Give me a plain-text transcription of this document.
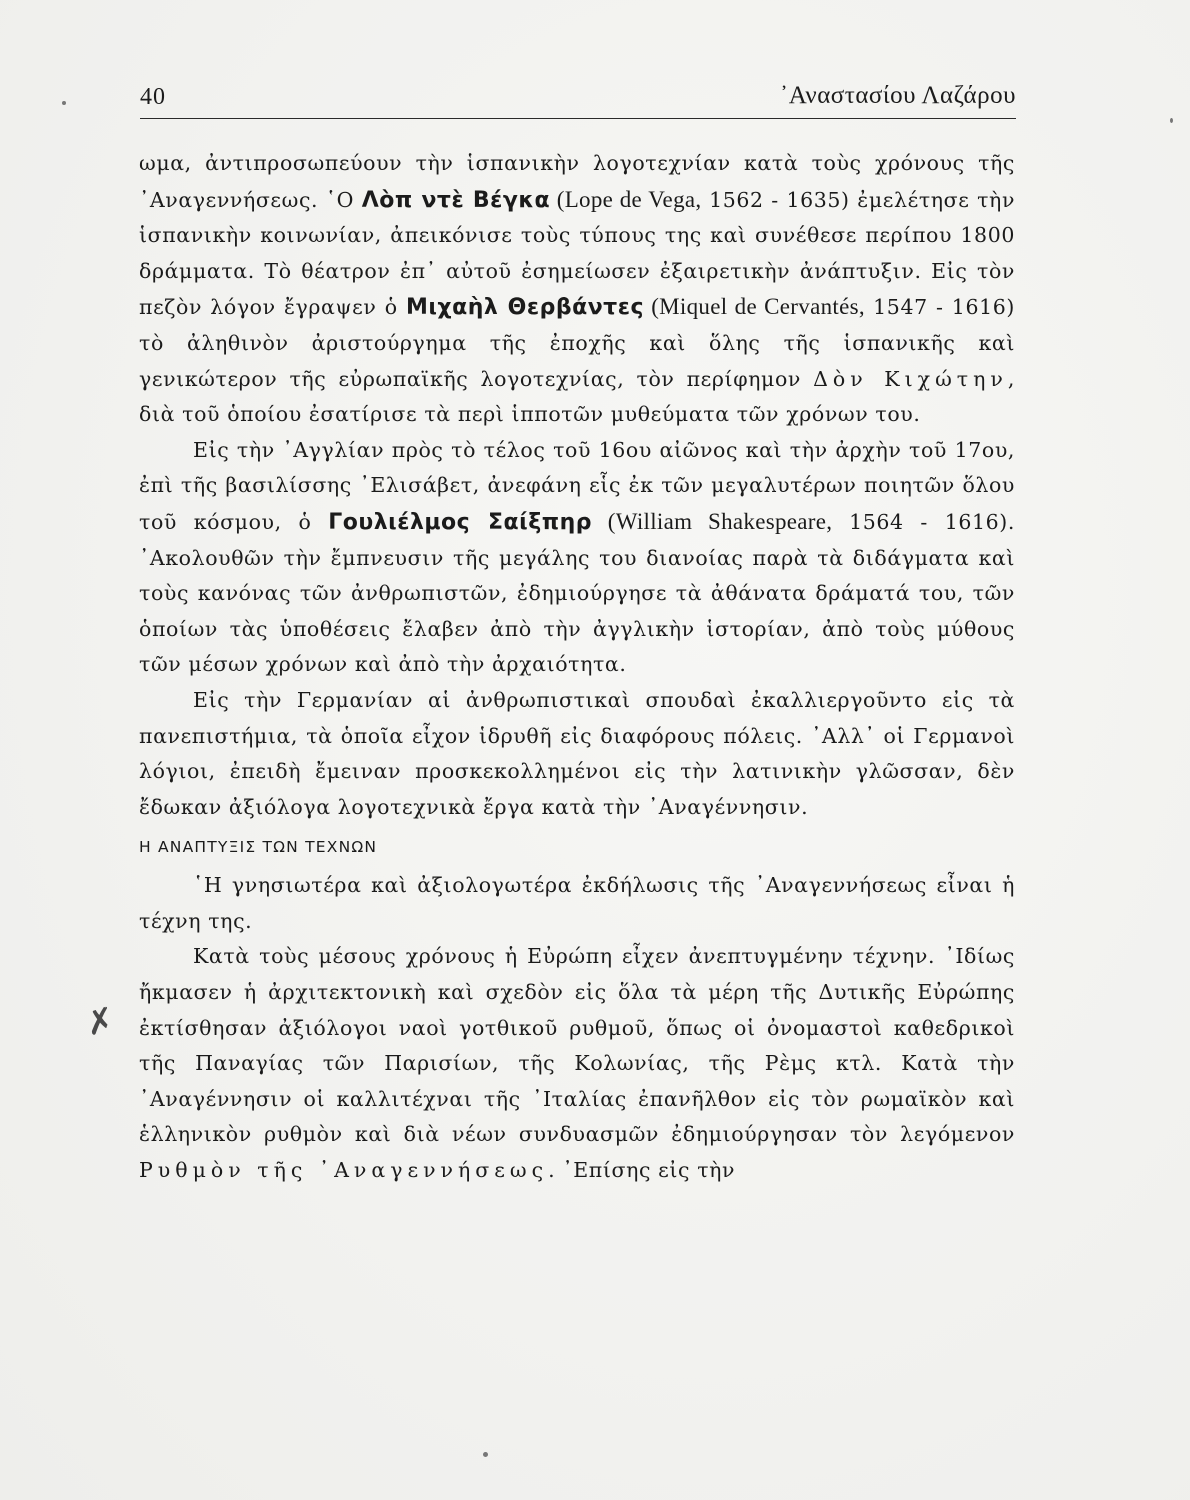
40	᾿Αναστασίου Λαζάρου
✗

ωμα, ἀντιπροσωπεύουν τὴν ἱσπανικὴν λογοτεχνίαν κατὰ τοὺς χρόνους τῆς ᾿Αναγεννήσεως. ῾Ο Λὸπ ντὲ Βέγκα (Lope de Vega, 1562 - 1635) ἐμελέτησε τὴν ἱσπανικὴν κοινωνίαν, ἀπεικόνισε τοὺς τύπους της καὶ συνέθεσε περίπου 1800 δράμματα. Τὸ θέατρον ἐπ᾿ αὐτοῦ ἐσημείωσεν ἐξαιρετικὴν ἀνάπτυξιν. Εἰς τὸν πεζὸν λόγον ἔγραψεν ὁ Μιχαὴλ Θερβάντες (Miquel de Cervantés, 1547 - 1616) τὸ ἀληθινὸν ἀριστούργημα τῆς ἐποχῆς καὶ ὅλης τῆς ἱσπανικῆς καὶ γενικώτερον τῆς εὐρωπαϊκῆς λογοτεχνίας, τὸν περίφημον Δὸν Κιχώτην, διὰ τοῦ ὁποίου ἐσατίρισε τὰ περὶ ἱπποτῶν μυθεύματα τῶν χρόνων του.

Εἰς τὴν ᾿Αγγλίαν πρὸς τὸ τέλος τοῦ 16ου αἰῶνος καὶ τὴν ἀρχὴν τοῦ 17ου, ἐπὶ τῆς βασιλίσσης ᾿Ελισάβετ, ἀνεφάνη εἷς ἐκ τῶν μεγαλυτέρων ποιητῶν ὅλου τοῦ κόσμου, ὁ Γουλιέλμος Σαίξπηρ (William Shakespeare, 1564 - 1616). ᾿Ακολουθῶν τὴν ἔμπνευσιν τῆς μεγάλης του διανοίας παρὰ τὰ διδάγματα καὶ τοὺς κανόνας τῶν ἀνθρωπιστῶν, ἐδημιούργησε τὰ ἀθάνατα δράματά του, τῶν ὁποίων τὰς ὑποθέσεις ἔλαβεν ἀπὸ τὴν ἀγγλικὴν ἱστορίαν, ἀπὸ τοὺς μύθους τῶν μέσων χρόνων καὶ ἀπὸ τὴν ἀρχαιότητα.

Εἰς τὴν Γερμανίαν αἱ ἀνθρωπιστικαὶ σπουδαὶ ἐκαλλιεργοῦντο εἰς τὰ πανεπιστήμια, τὰ ὁποῖα εἶχον ἱδρυθῆ εἰς διαφόρους πόλεις. ᾿Αλλ᾿ οἱ Γερμανοὶ λόγιοι, ἐπειδὴ ἔμειναν προσκεκολλημένοι εἰς τὴν λατινικὴν γλῶσσαν, δὲν ἔδωκαν ἀξιόλογα λογοτεχνικὰ ἔργα κατὰ τὴν ᾿Αναγέννησιν.

Η ΑΝΑΠΤΥΞΙΣ ΤΩΝ ΤΕΧΝΩΝ

῾Η γνησιωτέρα καὶ ἀξιολογωτέρα ἐκδήλωσις τῆς ᾿Αναγεννήσεως εἶναι ἡ τέχνη της.

Κατὰ τοὺς μέσους χρόνους ἡ Εὐρώπη εἶχεν ἀνεπτυγμένην τέχνην. ᾿Ιδίως ἤκμασεν ἡ ἀρχιτεκτονικὴ καὶ σχεδὸν εἰς ὅλα τὰ μέρη τῆς Δυτικῆς Εὐρώπης ἐκτίσθησαν ἀξιόλογοι ναοὶ γοτθικοῦ ρυθμοῦ, ὅπως οἱ ὀνομαστοὶ καθεδρικοὶ τῆς Παναγίας τῶν Παρισίων, τῆς Κολωνίας, τῆς Ρὲμς κτλ. Κατὰ τὴν ᾿Αναγέννησιν οἱ καλλιτέχναι τῆς ᾿Ιταλίας ἐπανῆλθον εἰς τὸν ρωμαϊκὸν καὶ ἑλληνικὸν ρυθμὸν καὶ διὰ νέων συνδυασμῶν ἐδημιούργησαν τὸν λεγόμενον Ρυθμὸν τῆς ᾿Αναγεννήσεως. ᾿Επίσης εἰς τὴν
